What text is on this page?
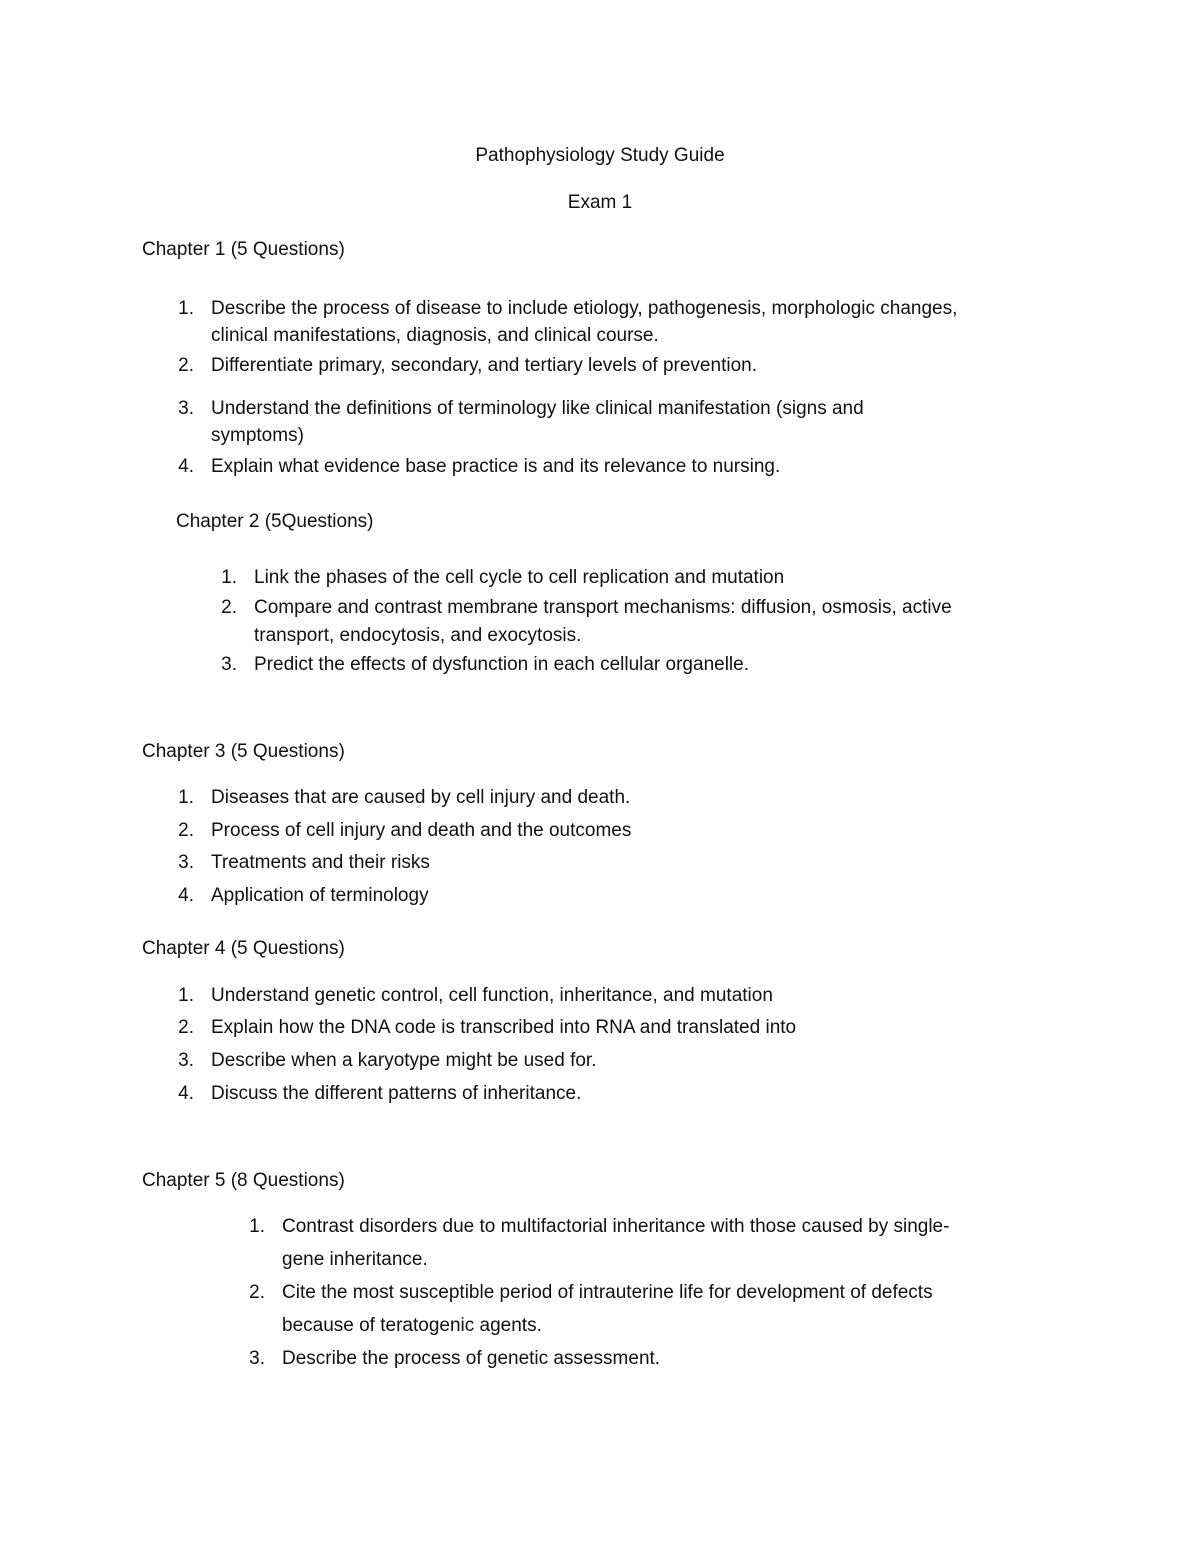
Pathophysiology Study Guide
Exam 1
Chapter 1 (5 Questions)
1. Describe the process of disease to include etiology, pathogenesis, morphologic changes,
clinical manifestations, diagnosis, and clinical course.
2. Differentiate primary, secondary, and tertiary levels of prevention.
3. Understand the definitions of terminology like clinical manifestation (signs and
symptoms)
4. Explain what evidence base practice is and its relevance to nursing.
Chapter 2 (5Questions)
1. Link the phases of the cell cycle to cell replication and mutation
2. Compare and contrast membrane transport mechanisms: diffusion, osmosis, active
transport, endocytosis, and exocytosis.
3. Predict the effects of dysfunction in each cellular organelle.
Chapter 3 (5 Questions)
1. Diseases that are caused by cell injury and death.
2. Process of cell injury and death and the outcomes
3. Treatments and their risks
4. Application of terminology
Chapter 4 (5 Questions)
1. Understand genetic control, cell function, inheritance, and mutation
2. Explain how the DNA code is transcribed into RNA and translated into
3. Describe when a karyotype might be used for.
4. Discuss the different patterns of inheritance.
Chapter 5 (8 Questions)
1. Contrast disorders due to multifactorial inheritance with those caused by single-
gene inheritance.
2. Cite the most susceptible period of intrauterine life for development of defects
because of teratogenic agents.
3. Describe the process of genetic assessment.
